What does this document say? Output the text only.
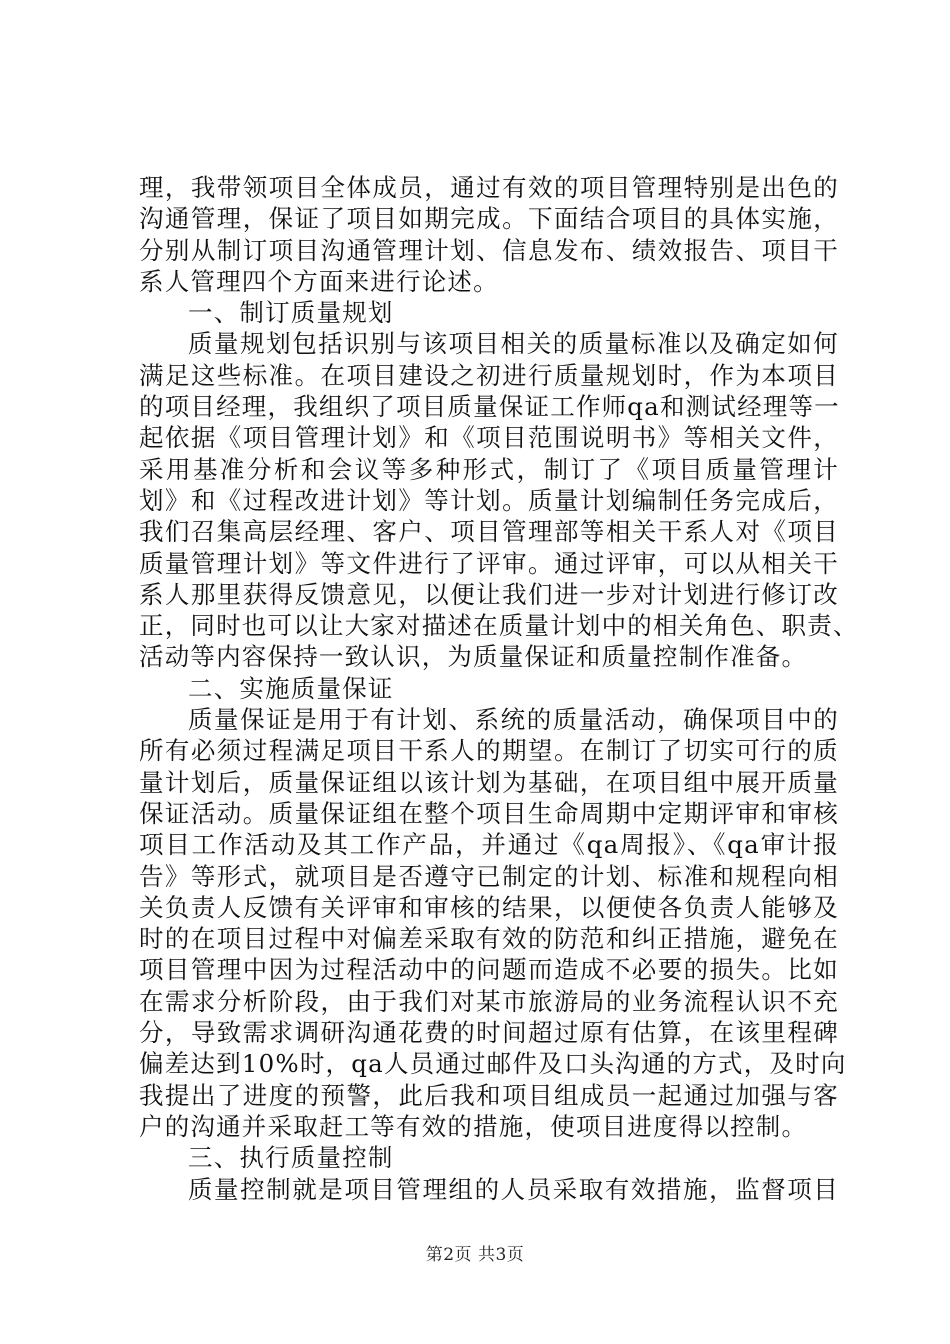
理，我带领项目全体成员，通过有效的项目管理特别是出色的
沟通管理，保证了项目如期完成。下面结合项目的具体实施，
分别从制订项目沟通管理计划、信息发布、绩效报告、项目干
系人管理四个方面来进行论述。
一、制订质量规划
质量规划包括识别与该项目相关的质量标准以及确定如何
满足这些标准。在项目建设之初进行质量规划时，作为本项目
的项目经理，我组织了项目质量保证工作师qa和测试经理等一
起依据《项目管理计划》和《项目范围说明书》等相关文件，
采用基准分析和会议等多种形式，制订了《项目质量管理计
划》和《过程改进计划》等计划。质量计划编制任务完成后，
我们召集高层经理、客户、项目管理部等相关干系人对《项目
质量管理计划》等文件进行了评审。通过评审，可以从相关干
系人那里获得反馈意见，以便让我们进一步对计划进行修订改
正，同时也可以让大家对描述在质量计划中的相关角色、职责、
活动等内容保持一致认识，为质量保证和质量控制作准备。
二、实施质量保证
质量保证是用于有计划、系统的质量活动，确保项目中的
所有必须过程满足项目干系人的期望。在制订了切实可行的质
量计划后，质量保证组以该计划为基础，在项目组中展开质量
保证活动。质量保证组在整个项目生命周期中定期评审和审核
项目工作活动及其工作产品，并通过《qa周报》、《qa审计报
告》等形式，就项目是否遵守已制定的计划、标准和规程向相
关负责人反馈有关评审和审核的结果，以便使各负责人能够及
时的在项目过程中对偏差采取有效的防范和纠正措施，避免在
项目管理中因为过程活动中的问题而造成不必要的损失。比如
在需求分析阶段，由于我们对某市旅游局的业务流程认识不充
分，导致需求调研沟通花费的时间超过原有估算，在该里程碑
偏差达到10%时，qa人员通过邮件及口头沟通的方式，及时向
我提出了进度的预警，此后我和项目组成员一起通过加强与客
户的沟通并采取赶工等有效的措施，使项目进度得以控制。
三、执行质量控制
质量控制就是项目管理组的人员采取有效措施，监督项目
第2页 共3页
